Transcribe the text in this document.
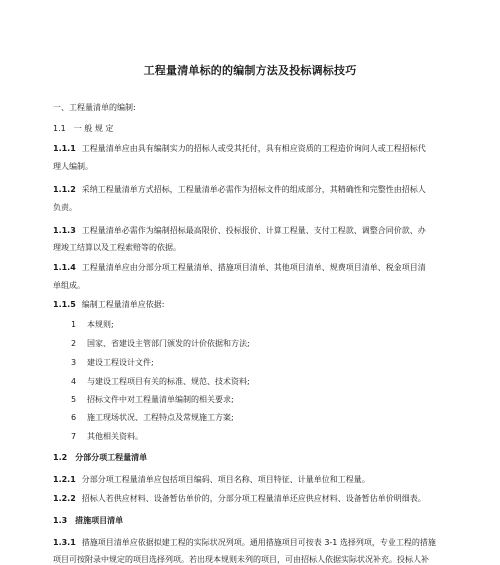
工程量清单标的的编制方法及投标调标技巧
一、工程量清单的编制:
1.1 一 般 规 定
1.1.1 工程量清单应由具有编制实力的招标人或受其托付，具有相应资质的工程造价询问人或工程招标代
理人编制。
1.1.2 采纳工程量清单方式招标，工程量清单必需作为招标文件的组成部分，其精确性和完整性由招标人
负责。
1.1.3 工程量清单必需作为编制招标最高限价、投标报价、计算工程量、支付工程款、调整合同价款、办
理竣工结算以及工程索赔等的依据。
1.1.4 工程量清单应由分部分项工程量清单、措施项目清单、其他项目清单、规费项目清单、税金项目清
单组成。
1.1.5 编制工程量清单应依据:
1 本规则;
2 国家、省建设主管部门颁发的计价依据和方法;
3 建设工程设计文件;
4 与建设工程项目有关的标准、规范、技术资料;
5 招标文件中对工程量清单编制的相关要求;
6 施工现场状况、工程特点及常规施工方案;
7 其他相关资料。
1.2 分部分项工程量清单
1.2.1 分部分项工程量清单应包括项目编码、项目名称、项目特征、计量单位和工程量。
1.2.2 招标人若供应材料、设备暂估单价的，分部分项工程量清单还应供应材料、设备暂估单价明细表。
1.3 措施项目清单
1.3.1 措施项目清单应依据拟建工程的实际状况列项。通用措施项目可按表 3-1 选择列项，专业工程的措施
项目可按附录中规定的项目选择列项。若出现本规则未列的项目，可由招标人依据实际状况补充。投标人补
